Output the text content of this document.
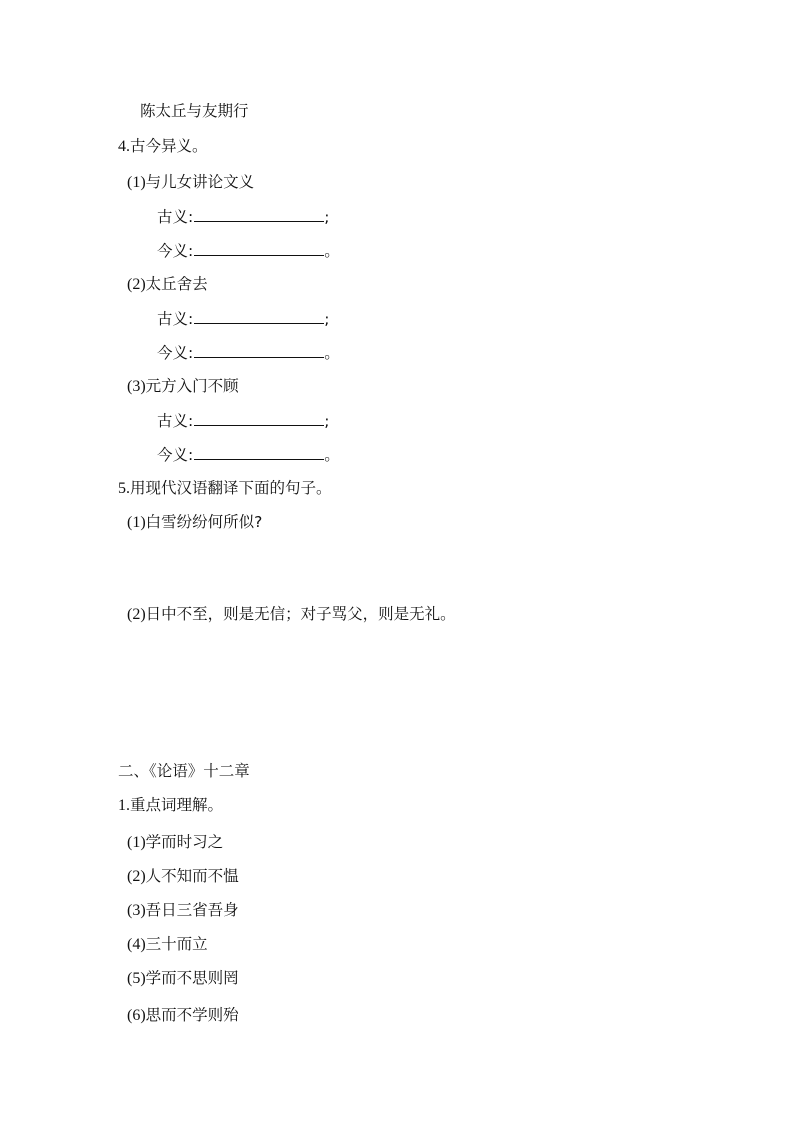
陈太丘与友期行
4.古今异义。
(1)与儿女讲论文义
古义:	;
今义:	。
(2)太丘舍去
古义:	;
今义:	。
(3)元方入门不顾
古义:	;
今义:	。
5.用现代汉语翻译下面的句子。
(1)白雪纷纷何所似?
(2)日中不至，则是无信；对子骂父，则是无礼。
二、《论语》十二章
1.重点词理解。
(1)学而时习之
(2)人不知而不愠
(3)吾日三省吾身
(4)三十而立
(5)学而不思则罔
(6)思而不学则殆
